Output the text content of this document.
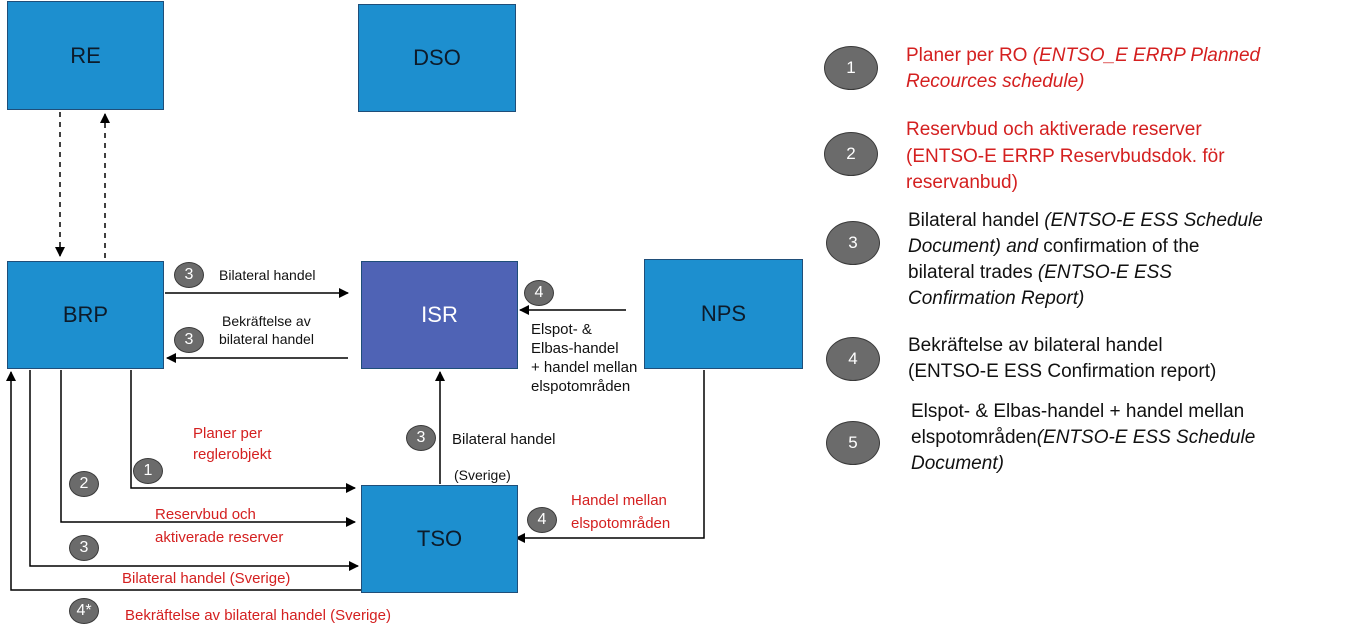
RE	DSO
BRP	ISR	NPS
TSO
3
3
4
3
1
2
3
4
4*
Bilateral handel
Bekräftelse av
bilateral handel
Elspot- &
Elbas-handel
+ handel mellan
elspotområden
Bilateral handel
(Sverige)
Planer per
reglerobjekt
Reservbud och
aktiverade reserver
Bilateral handel (Sverige)
Handel mellan
elspotområden
Bekräftelse av bilateral handel (Sverige)
1
Planer per RO (ENTSO_E ERRP Planned
Recources schedule)
2
Reservbud och aktiverade reserver
(ENTSO-E ERRP Reservbudsdok. för
reservanbud)
3
Bilateral handel (ENTSO-E ESS Schedule
Document) and confirmation of the
bilateral trades (ENTSO-E ESS
Confirmation Report)
4
Bekräftelse av bilateral handel
(ENTSO-E ESS Confirmation report)
5
Elspot- & Elbas-handel + handel mellan
elspotområden(ENTSO-E ESS Schedule
Document)
